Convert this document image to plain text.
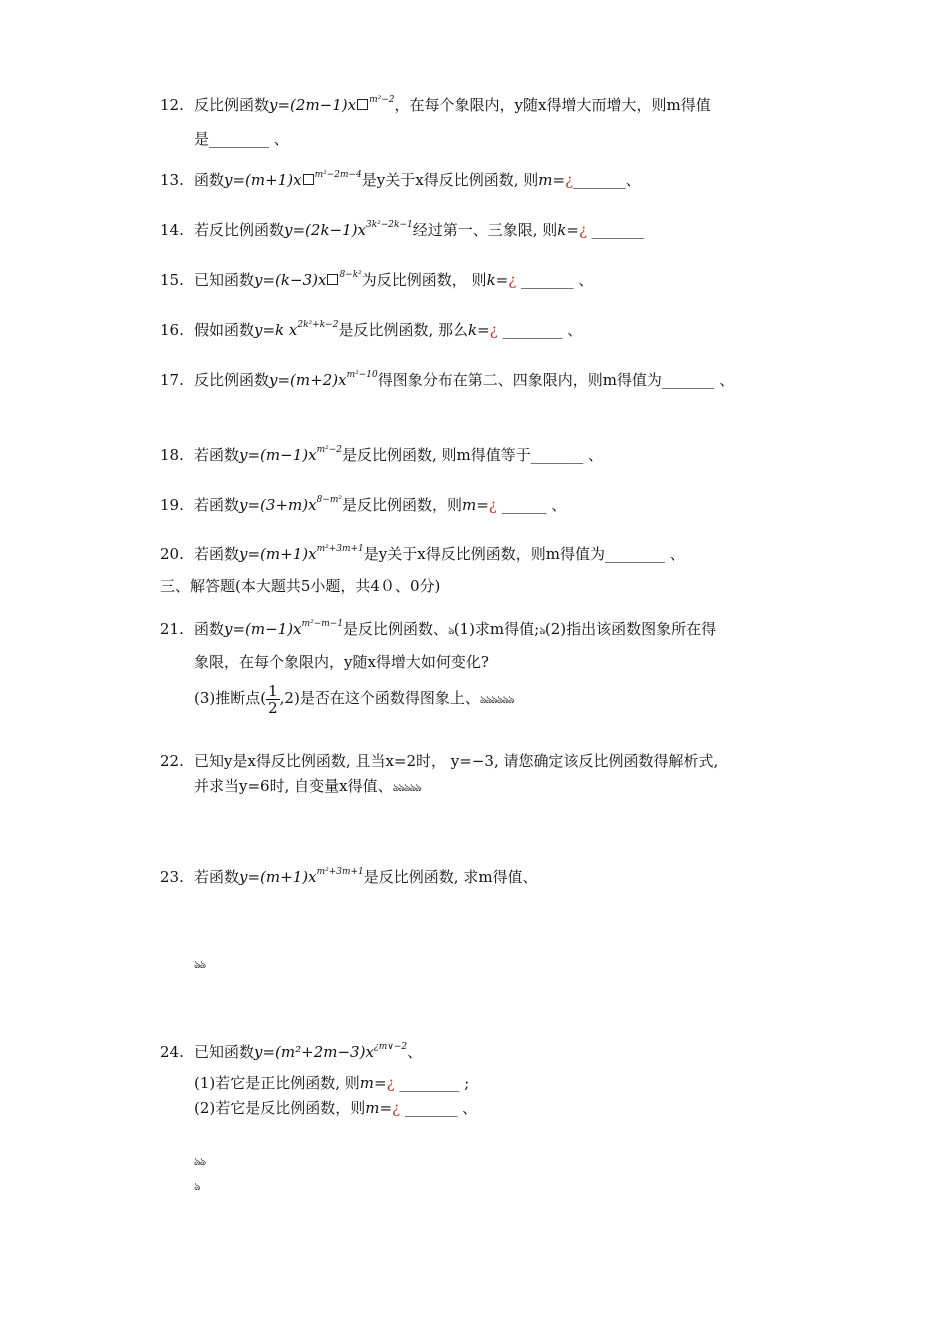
12. 反比例函数y=(2m−1)x $^{m^2-2}$，在每个象限内，y随x得增大而增大，则m得值
是________ 、
13. 函数y=(m+1)x $^{m^2-2m-4}$是y关于x得反比例函数, 则m=¿_______、
14. 若反比例函数$y=(2k-1)x^{3k^2-2k-1}$经过第一、三象限, 则k=¿ _______
15. 已知函数y=(k−3)x $^{8-k^2}$为反比例函数， 则k=¿ _______ 、
16. 假如函数y=k $x^{2k^2+k-2}$是反比例函数, 那么k=¿ ________ 、
17. 反比例函数$y=(m+2)x^{m^2-10}$得图象分布在第二、四象限内，则m得值为_______ 、
18. 若函数$y=(m-1)x^{m^2-2}$是反比例函数, 则m得值等于_______ 、
19. 若函数$y=(3+m)x^{8-m^2}$是反比例函数，则m=¿ ______ 、
20. 若函数$y=(m+1)x^{m^2+3m+1}$是y关于x得反比例函数，则m得值为________ 、
三、解答题(本大题共5小题，共4０、0分)
21. 函数$y=(m-1)x^{m^2-m-1}$是反比例函数、ঌ(1)求m得值;ঌ(2)指出该函数图象所在得
象限，在每个象限内，y随x得增大如何变化?
(3)推断点( $\frac{1}{2} ,2$)是否在这个函数得图象上、ঌঌঌঌঌঌ
22. 已知y是x得反比例函数, 且当x=2时， y=−3, 请您确定该反比例函数得解析式,
并求当y=6时, 自变量x得值、ঌঌঌঌঌ
23. 若函数$y=(m+1)x^{m^2+3m+1}$是反比例函数, 求m得值、
ঌঌ
24. 已知函数$y=(m^2+2m-3)x^{¿m\vee-2}$、
(1)若它是正比例函数, 则m=¿ ________ ;
(2)若它是反比例函数，则m=¿ _______ 、
ঌঌ
ঌ
